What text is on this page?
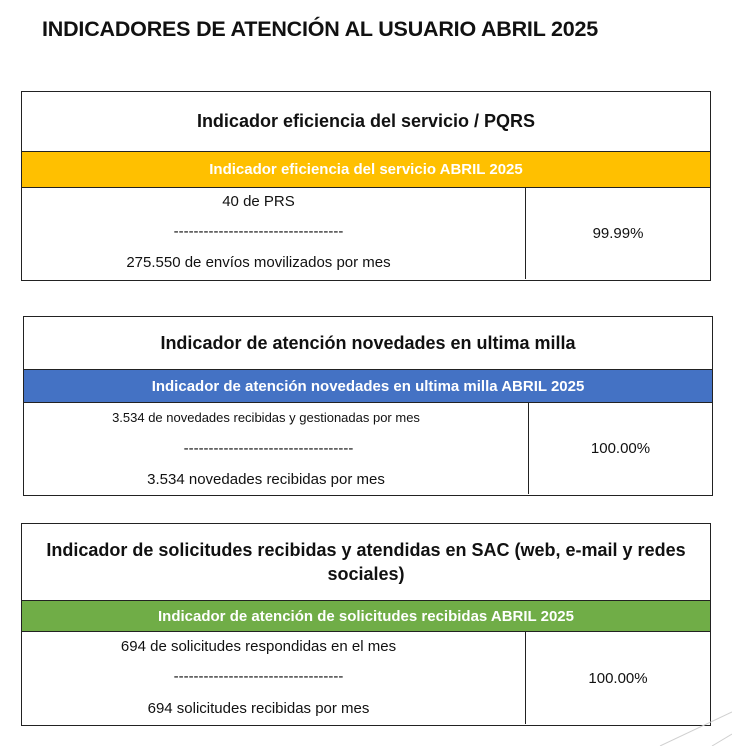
INDICADORES DE ATENCIÓN AL USUARIO ABRIL 2025
Indicador eficiencia del servicio / PQRS
Indicador eficiencia del servicio ABRIL 2025
40 de PRS
----------------------------------
275.550 de envíos movilizados por mes
99.99%
Indicador de atención novedades en ultima milla
Indicador de atención novedades en ultima milla ABRIL 2025
3.534 de novedades recibidas y gestionadas por mes
----------------------------------
3.534 novedades recibidas por mes
100.00%
Indicador de solicitudes recibidas y atendidas en SAC (web, e-mail y redes sociales)
Indicador de atención de solicitudes recibidas ABRIL 2025
694 de solicitudes respondidas en el mes
----------------------------------
694 solicitudes recibidas por mes
100.00%
